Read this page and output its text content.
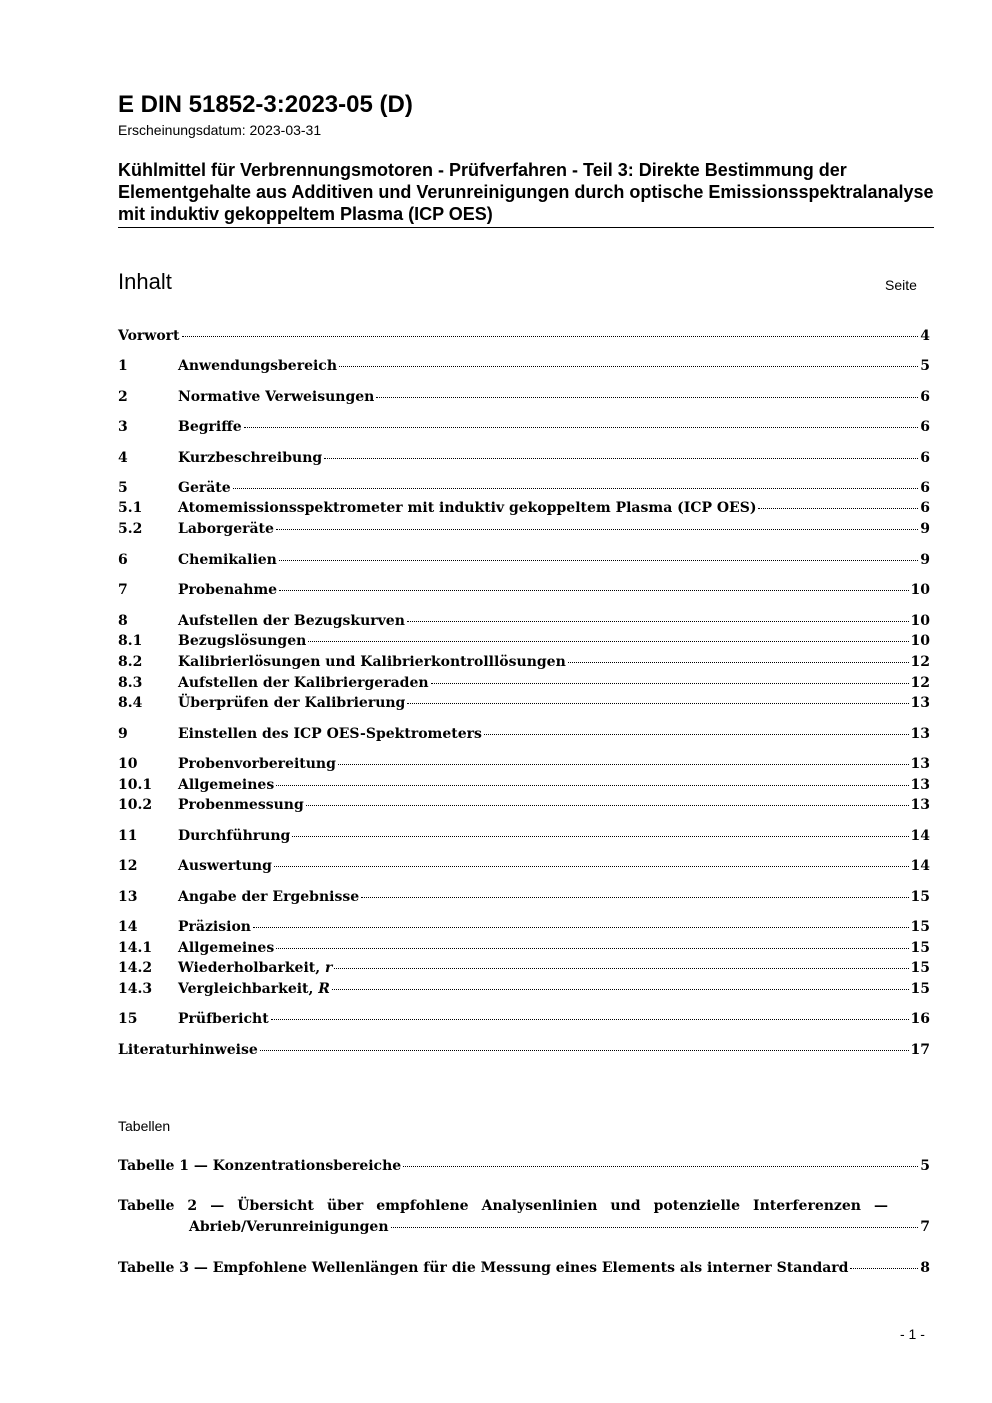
E DIN 51852-3:2023-05 (D)
Erscheinungsdatum: 2023-03-31
Kühlmittel für Verbrennungsmotoren - Prüfverfahren - Teil 3: Direkte Bestimmung der Elementgehalte aus Additiven und Verunreinigungen durch optische Emissionsspektralanalyse mit induktiv gekoppeltem Plasma (ICP OES)
Inhalt	Seite
Vorwort	4
1	Anwendungsbereich	5
2	Normative Verweisungen	6
3	Begriffe	6
4	Kurzbeschreibung	6
5	Geräte	6
5.1	Atomemissionsspektrometer mit induktiv gekoppeltem Plasma (ICP OES)	6
5.2	Laborgeräte	9
6	Chemikalien	9
7	Probenahme	10
8	Aufstellen der Bezugskurven	10
8.1	Bezugslösungen	10
8.2	Kalibrierlösungen und Kalibrierkontrolllösungen	12
8.3	Aufstellen der Kalibriergeraden	12
8.4	Überprüfen der Kalibrierung	13
9	Einstellen des ICP OES-Spektrometers	13
10	Probenvorbereitung	13
10.1	Allgemeines	13
10.2	Probenmessung	13
11	Durchführung	14
12	Auswertung	14
13	Angabe der Ergebnisse	15
14	Präzision	15
14.1	Allgemeines	15
14.2	Wiederholbarkeit, r	15
14.3	Vergleichbarkeit, R	15
15	Prüfbericht	16
Literaturhinweise	17
Tabellen
Tabelle 1 — Konzentrationsbereiche	5
Tabelle 2 — Übersicht über empfohlene Analysenlinien und potenzielle Interferenzen —
Abrieb/Verunreinigungen	7
Tabelle 3 — Empfohlene Wellenlängen für die Messung eines Elements als interner Standard	8
- 1 -
